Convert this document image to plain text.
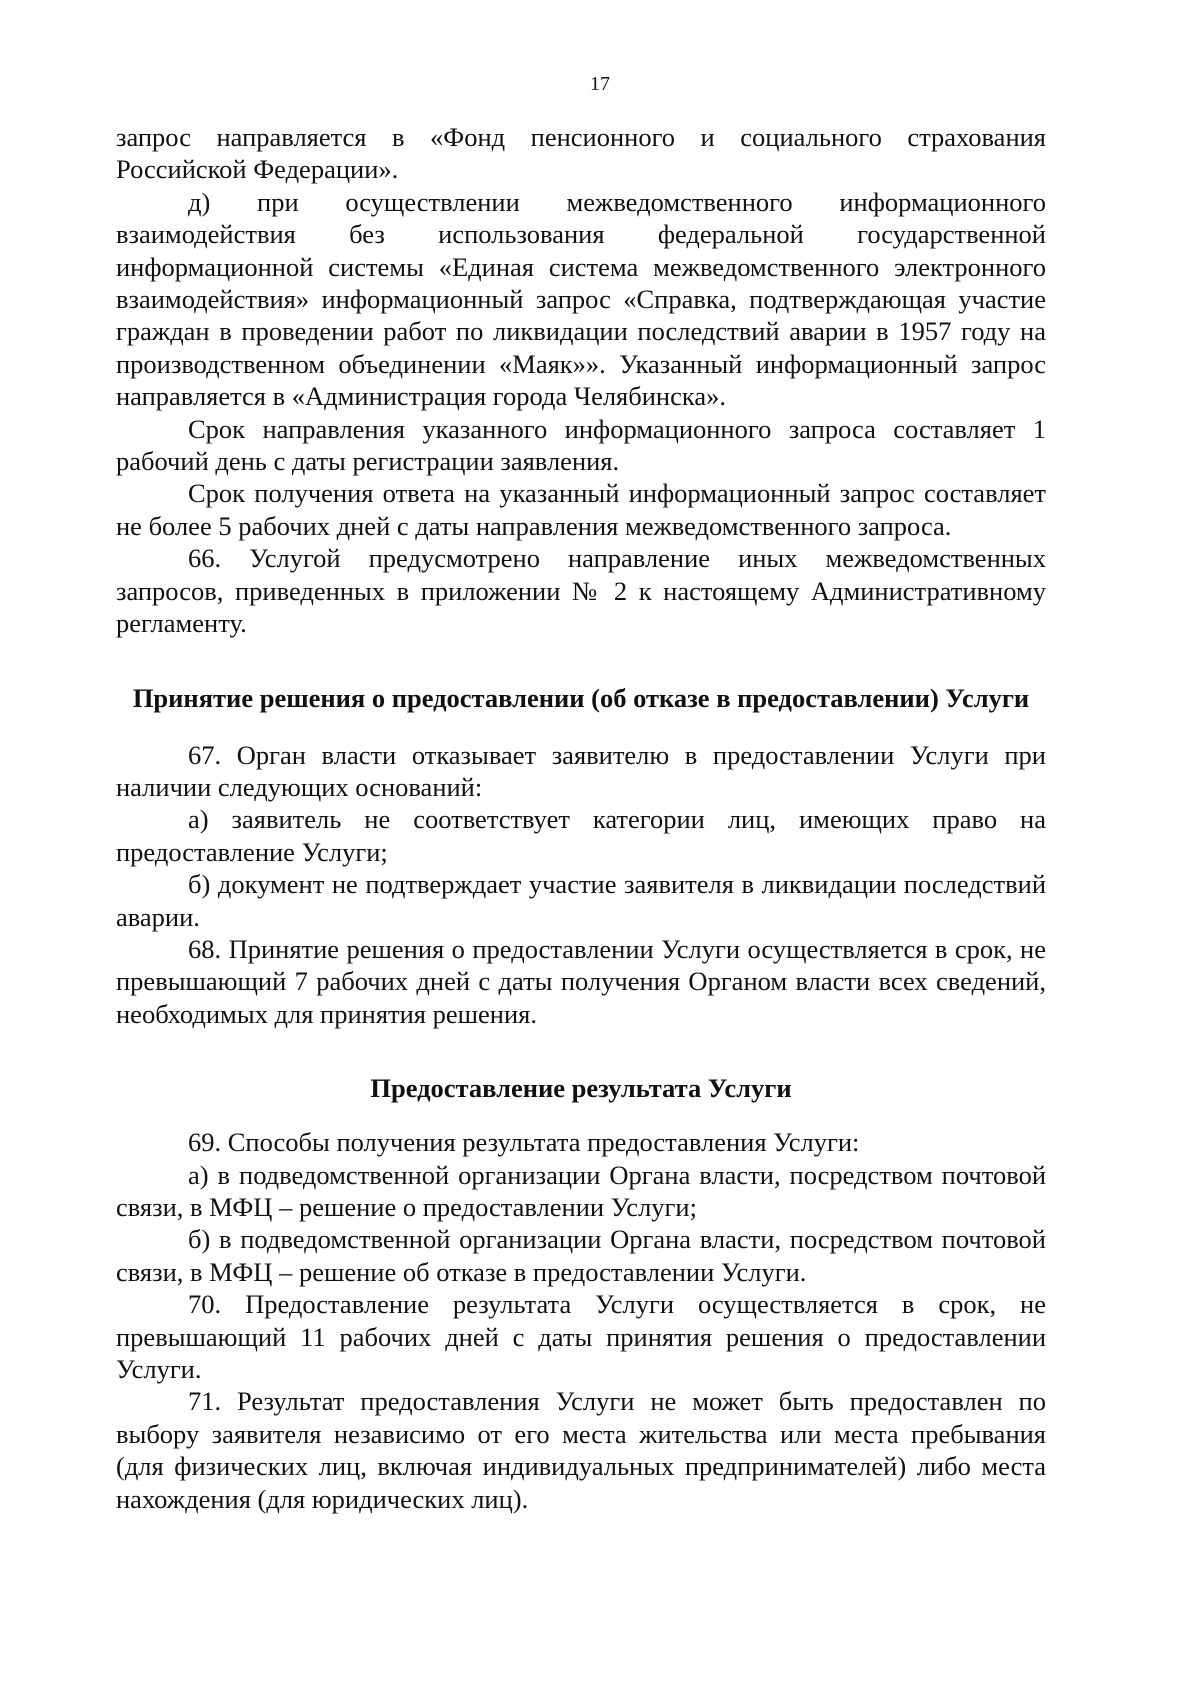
17

запрос направляется в «Фонд пенсионного и социального страхования Российской Федерации».

д) при осуществлении межведомственного информационного взаимодействия без использования федеральной государственной информационной системы «Единая система межведомственного электронного взаимодействия» информационный запрос «Справка, подтверждающая участие граждан в проведении работ по ликвидации последствий аварии в 1957 году на производственном объединении «Маяк»». Указанный информационный запрос направляется в «Администрация города Челябинска».

Срок направления указанного информационного запроса составляет 1 рабочий день с даты регистрации заявления.

Срок получения ответа на указанный информационный запрос составляет не более 5 рабочих дней с даты направления межведомственного запроса.

66. Услугой предусмотрено направление иных межведомственных запросов, приведенных в приложении № 2 к настоящему Административному регламенту.

Принятие решения о предоставлении (об отказе в предоставлении) Услуги

67. Орган власти отказывает заявителю в предоставлении Услуги при наличии следующих оснований:

а) заявитель не соответствует категории лиц, имеющих право на предоставление Услуги;

б) документ не подтверждает участие заявителя в ликвидации последствий аварии.

68. Принятие решения о предоставлении Услуги осуществляется в срок, не превышающий 7 рабочих дней с даты получения Органом власти всех сведений, необходимых для принятия решения.

Предоставление результата Услуги

69. Способы получения результата предоставления Услуги:

а) в подведомственной организации Органа власти, посредством почтовой связи, в МФЦ – решение о предоставлении Услуги;

б) в подведомственной организации Органа власти, посредством почтовой связи, в МФЦ – решение об отказе в предоставлении Услуги.

70. Предоставление результата Услуги осуществляется в срок, не превышающий 11 рабочих дней с даты принятия решения о предоставлении Услуги.

71. Результат предоставления Услуги не может быть предоставлен по выбору заявителя независимо от его места жительства или места пребывания (для физических лиц, включая индивидуальных предпринимателей) либо места нахождения (для юридических лиц).
